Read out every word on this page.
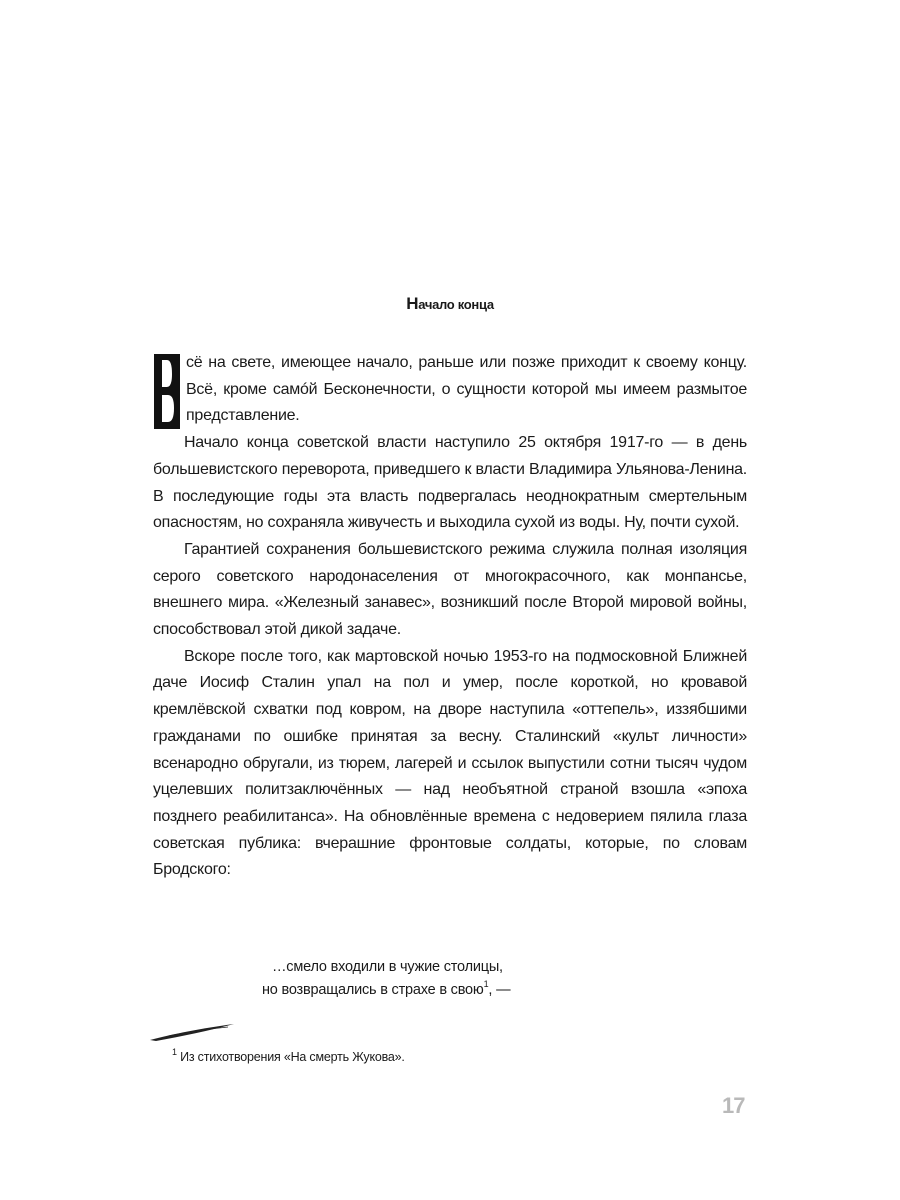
Начало конца

сё на свете, имеющее начало, раньше или позже приходит к своему концу. Всё, кроме самóй Бесконечности, о сущности которой мы имеем размытое представление.

Начало конца советской власти наступило 25 октября 1917-го — в день большевистского переворота, приведшего к власти Владимира Ульянова-Ленина. В последующие годы эта власть подвергалась неоднократным смертельным опасностям, но сохраняла живучесть и выходила сухой из воды. Ну, почти сухой.

Гарантией сохранения большевистского режима служила полная изоляция серого советского народонаселения от многокрасочного, как монпансье, внешнего мира. «Железный занавес», возникший после Второй мировой войны, способствовал этой дикой задаче.

Вскоре после того, как мартовской ночью 1953-го на подмосковной Ближней даче Иосиф Сталин упал на пол и умер, после короткой, но кровавой кремлёвской схватки под ковром, на дворе наступила «оттепель», иззябшими гражданами по ошибке принятая за весну. Сталинский «культ личности» всенародно обругали, из тюрем, лагерей и ссылок выпустили сотни тысяч чудом уцелевших политзаключённых — над необъятной страной взошла «эпоха позднего реабилитанса». На обновлённые времена с недоверием пялила глаза советская публика: вчерашние фронтовые солдаты, которые, по словам Бродского:

…смело входили в чужие столицы,
но возвращались в страхе в свою$^1$, —
$^1$ Из стихотворения «На смерть Жукова».
17
